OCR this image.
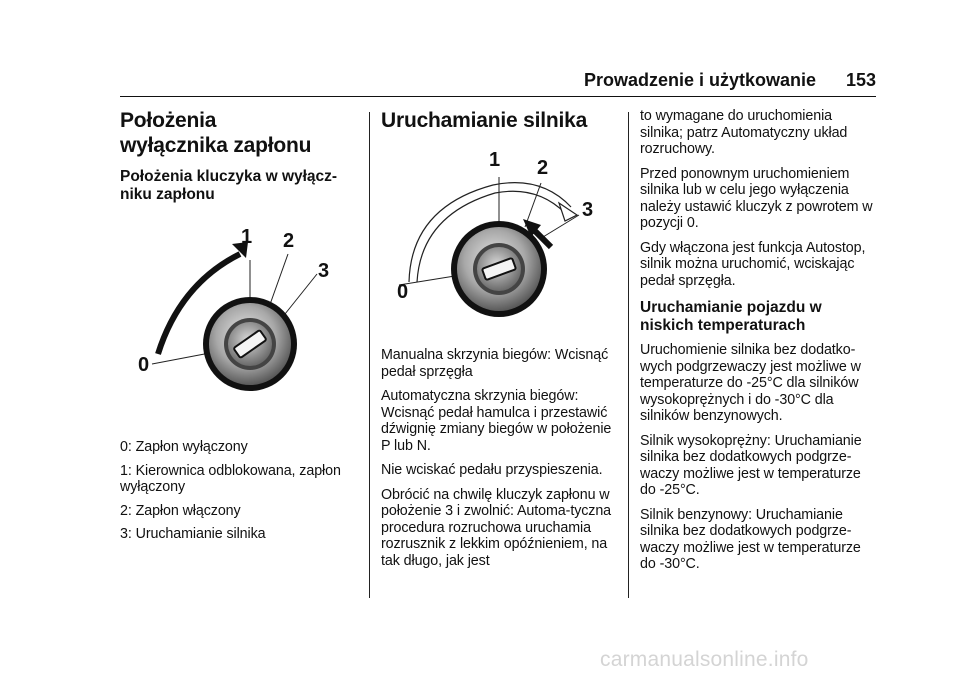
Prowadzenie i użytkowanie 153
Położenia wyłącznika zapłonu
Położenia kluczyka w wyłącz-niku zapłonu
0
1 2
3

0: Zapłon wyłączony

1: Kierownica odblokowana, zapłon wyłączony

2: Zapłon włączony

3: Uruchamianie silnika

Uruchamianie silnika
0
1 2
3

Manualna skrzynia biegów: Wcisnąć pedał sprzęgła

Automatyczna skrzynia biegów: Wcisnąć pedał hamulca i przestawić dźwignię zmiany biegów w położenie P lub N.

Nie wciskać pedału przyspieszenia.

Obrócić na chwilę kluczyk zapłonu w położenie 3 i zwolnić: Automa-tyczna procedura rozruchowa uruchamia rozrusznik z lekkim opóźnieniem, na tak długo, jak jest

to wymagane do uruchomienia silnika; patrz Automatyczny układ rozruchowy.

Przed ponownym uruchomieniem silnika lub w celu jego wyłączenia należy ustawić kluczyk z powrotem w pozycji 0.

Gdy włączona jest funkcja Autostop, silnik można uruchomić, wciskając pedał sprzęgła.

Uruchamianie pojazdu w niskich temperaturach

Uruchomienie silnika bez dodatko-wych podgrzewaczy jest możliwe w temperaturze do -25°C dla silników wysokoprężnych i do -30°C dla silników benzynowych.

Silnik wysokoprężny: Uruchamianie silnika bez dodatkowych podgrze-waczy możliwe jest w temperaturze do -25°C.

Silnik benzynowy: Uruchamianie silnika bez dodatkowych podgrze-waczy możliwe jest w temperaturze do -30°C.

carmanualsonline.info
